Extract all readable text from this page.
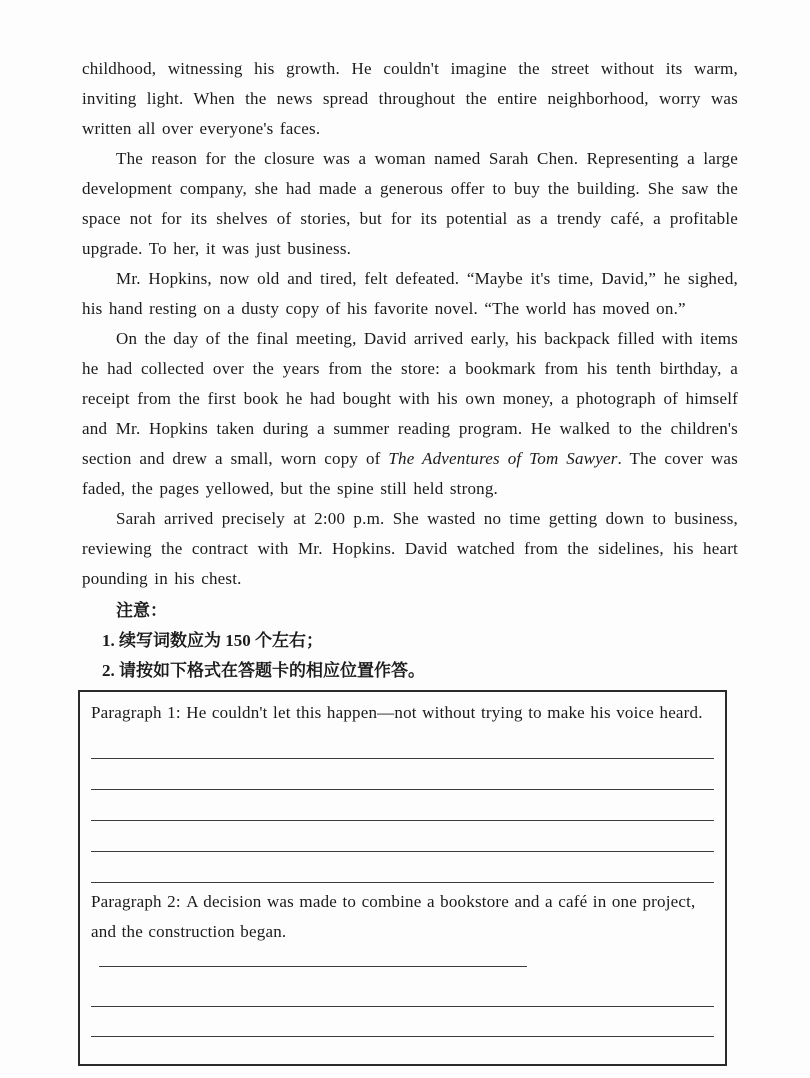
childhood, witnessing his growth. He couldn't imagine the street without its warm, inviting light. When the news spread throughout the entire neighborhood, worry was written all over everyone's faces.

The reason for the closure was a woman named Sarah Chen. Representing a large development company, she had made a generous offer to buy the building. She saw the space not for its shelves of stories, but for its potential as a trendy café, a profitable upgrade. To her, it was just business.

Mr. Hopkins, now old and tired, felt defeated. “Maybe it's time, David,” he sighed, his hand resting on a dusty copy of his favorite novel. “The world has moved on.”

On the day of the final meeting, David arrived early, his backpack filled with items he had collected over the years from the store: a bookmark from his tenth birthday, a receipt from the first book he had bought with his own money, a photograph of himself and Mr. Hopkins taken during a summer reading program. He walked to the children's section and drew a small, worn copy of The Adventures of Tom Sawyer. The cover was faded, the pages yellowed, but the spine still held strong.

Sarah arrived precisely at 2:00 p.m. She wasted no time getting down to business, reviewing the contract with Mr. Hopkins. David watched from the sidelines, his heart pounding in his chest.

注意：
1. 续写词数应为 150 个左右；
2. 请按如下格式在答题卡的相应位置作答。
Paragraph 1: He couldn't let this happen—not without trying to make his voice heard.
Paragraph 2: A decision was made to combine a bookstore and a café in one project, and the construction began.
